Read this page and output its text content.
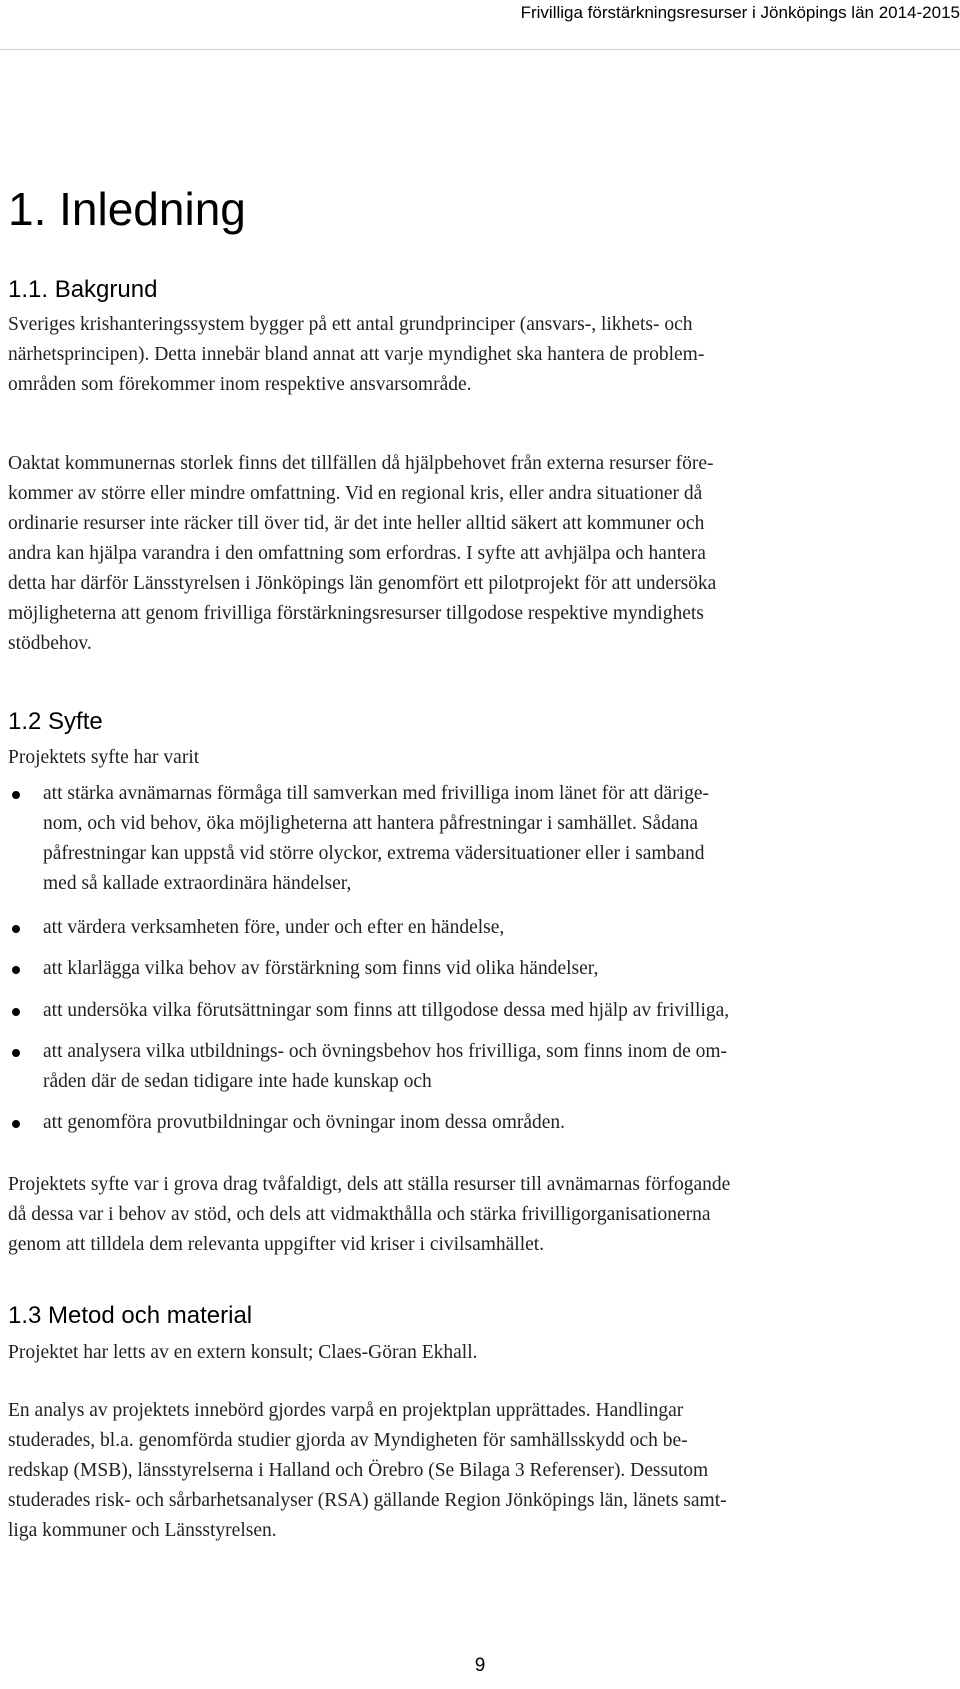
Frivilliga förstärkningsresurser i Jönköpings län 2014-2015
1. Inledning
1.1. Bakgrund

Sveriges krishanteringssystem bygger på ett antal grundprinciper (ansvars-, likhets- och
närhetsprincipen). Detta innebär bland annat att varje myndighet ska hantera de problem-
områden som förekommer inom respektive ansvarsområde.

Oaktat kommunernas storlek finns det tillfällen då hjälpbehovet från externa resurser före-
kommer av större eller mindre omfattning. Vid en regional kris, eller andra situationer då
ordinarie resurser inte räcker till över tid, är det inte heller alltid säkert att kommuner och
andra kan hjälpa varandra i den omfattning som erfordras. I syfte att avhjälpa och hantera
detta har därför Länsstyrelsen i Jönköpings län genomfört ett pilotprojekt för att undersöka
möjligheterna att genom frivilliga förstärkningsresurser tillgodose respektive myndighets
stödbehov.

1.2 Syfte

Projektets syfte har varit

att stärka avnämarnas förmåga till samverkan med frivilliga inom länet för att därige-
nom, och vid behov, öka möjligheterna att hantera påfrestningar i samhället. Sådana
påfrestningar kan uppstå vid större olyckor, extrema vädersituationer eller i samband
med så kallade extraordinära händelser,
att värdera verksamheten före, under och efter en händelse,
att klarlägga vilka behov av förstärkning som finns vid olika händelser,
att undersöka vilka förutsättningar som finns att tillgodose dessa med hjälp av frivilliga,
att analysera vilka utbildnings- och övningsbehov hos frivilliga, som finns inom de om-
råden där de sedan tidigare inte hade kunskap och
att genomföra provutbildningar och övningar inom dessa områden.

Projektets syfte var i grova drag tvåfaldigt, dels att ställa resurser till avnämarnas förfogande
då dessa var i behov av stöd, och dels att vidmakthålla och stärka frivilligorganisationerna
genom att tilldela dem relevanta uppgifter vid kriser i civilsamhället.

1.3 Metod och material

Projektet har letts av en extern konsult; Claes-Göran Ekhall.

En analys av projektets innebörd gjordes varpå en projektplan upprättades. Handlingar
studerades, bl.a. genomförda studier gjorda av Myndigheten för samhällsskydd och be-
redskap (MSB), länsstyrelserna i Halland och Örebro (Se Bilaga 3 Referenser). Dessutom
studerades risk- och sårbarhetsanalyser (RSA) gällande Region Jönköpings län, länets samt-
liga kommuner och Länsstyrelsen.

9
